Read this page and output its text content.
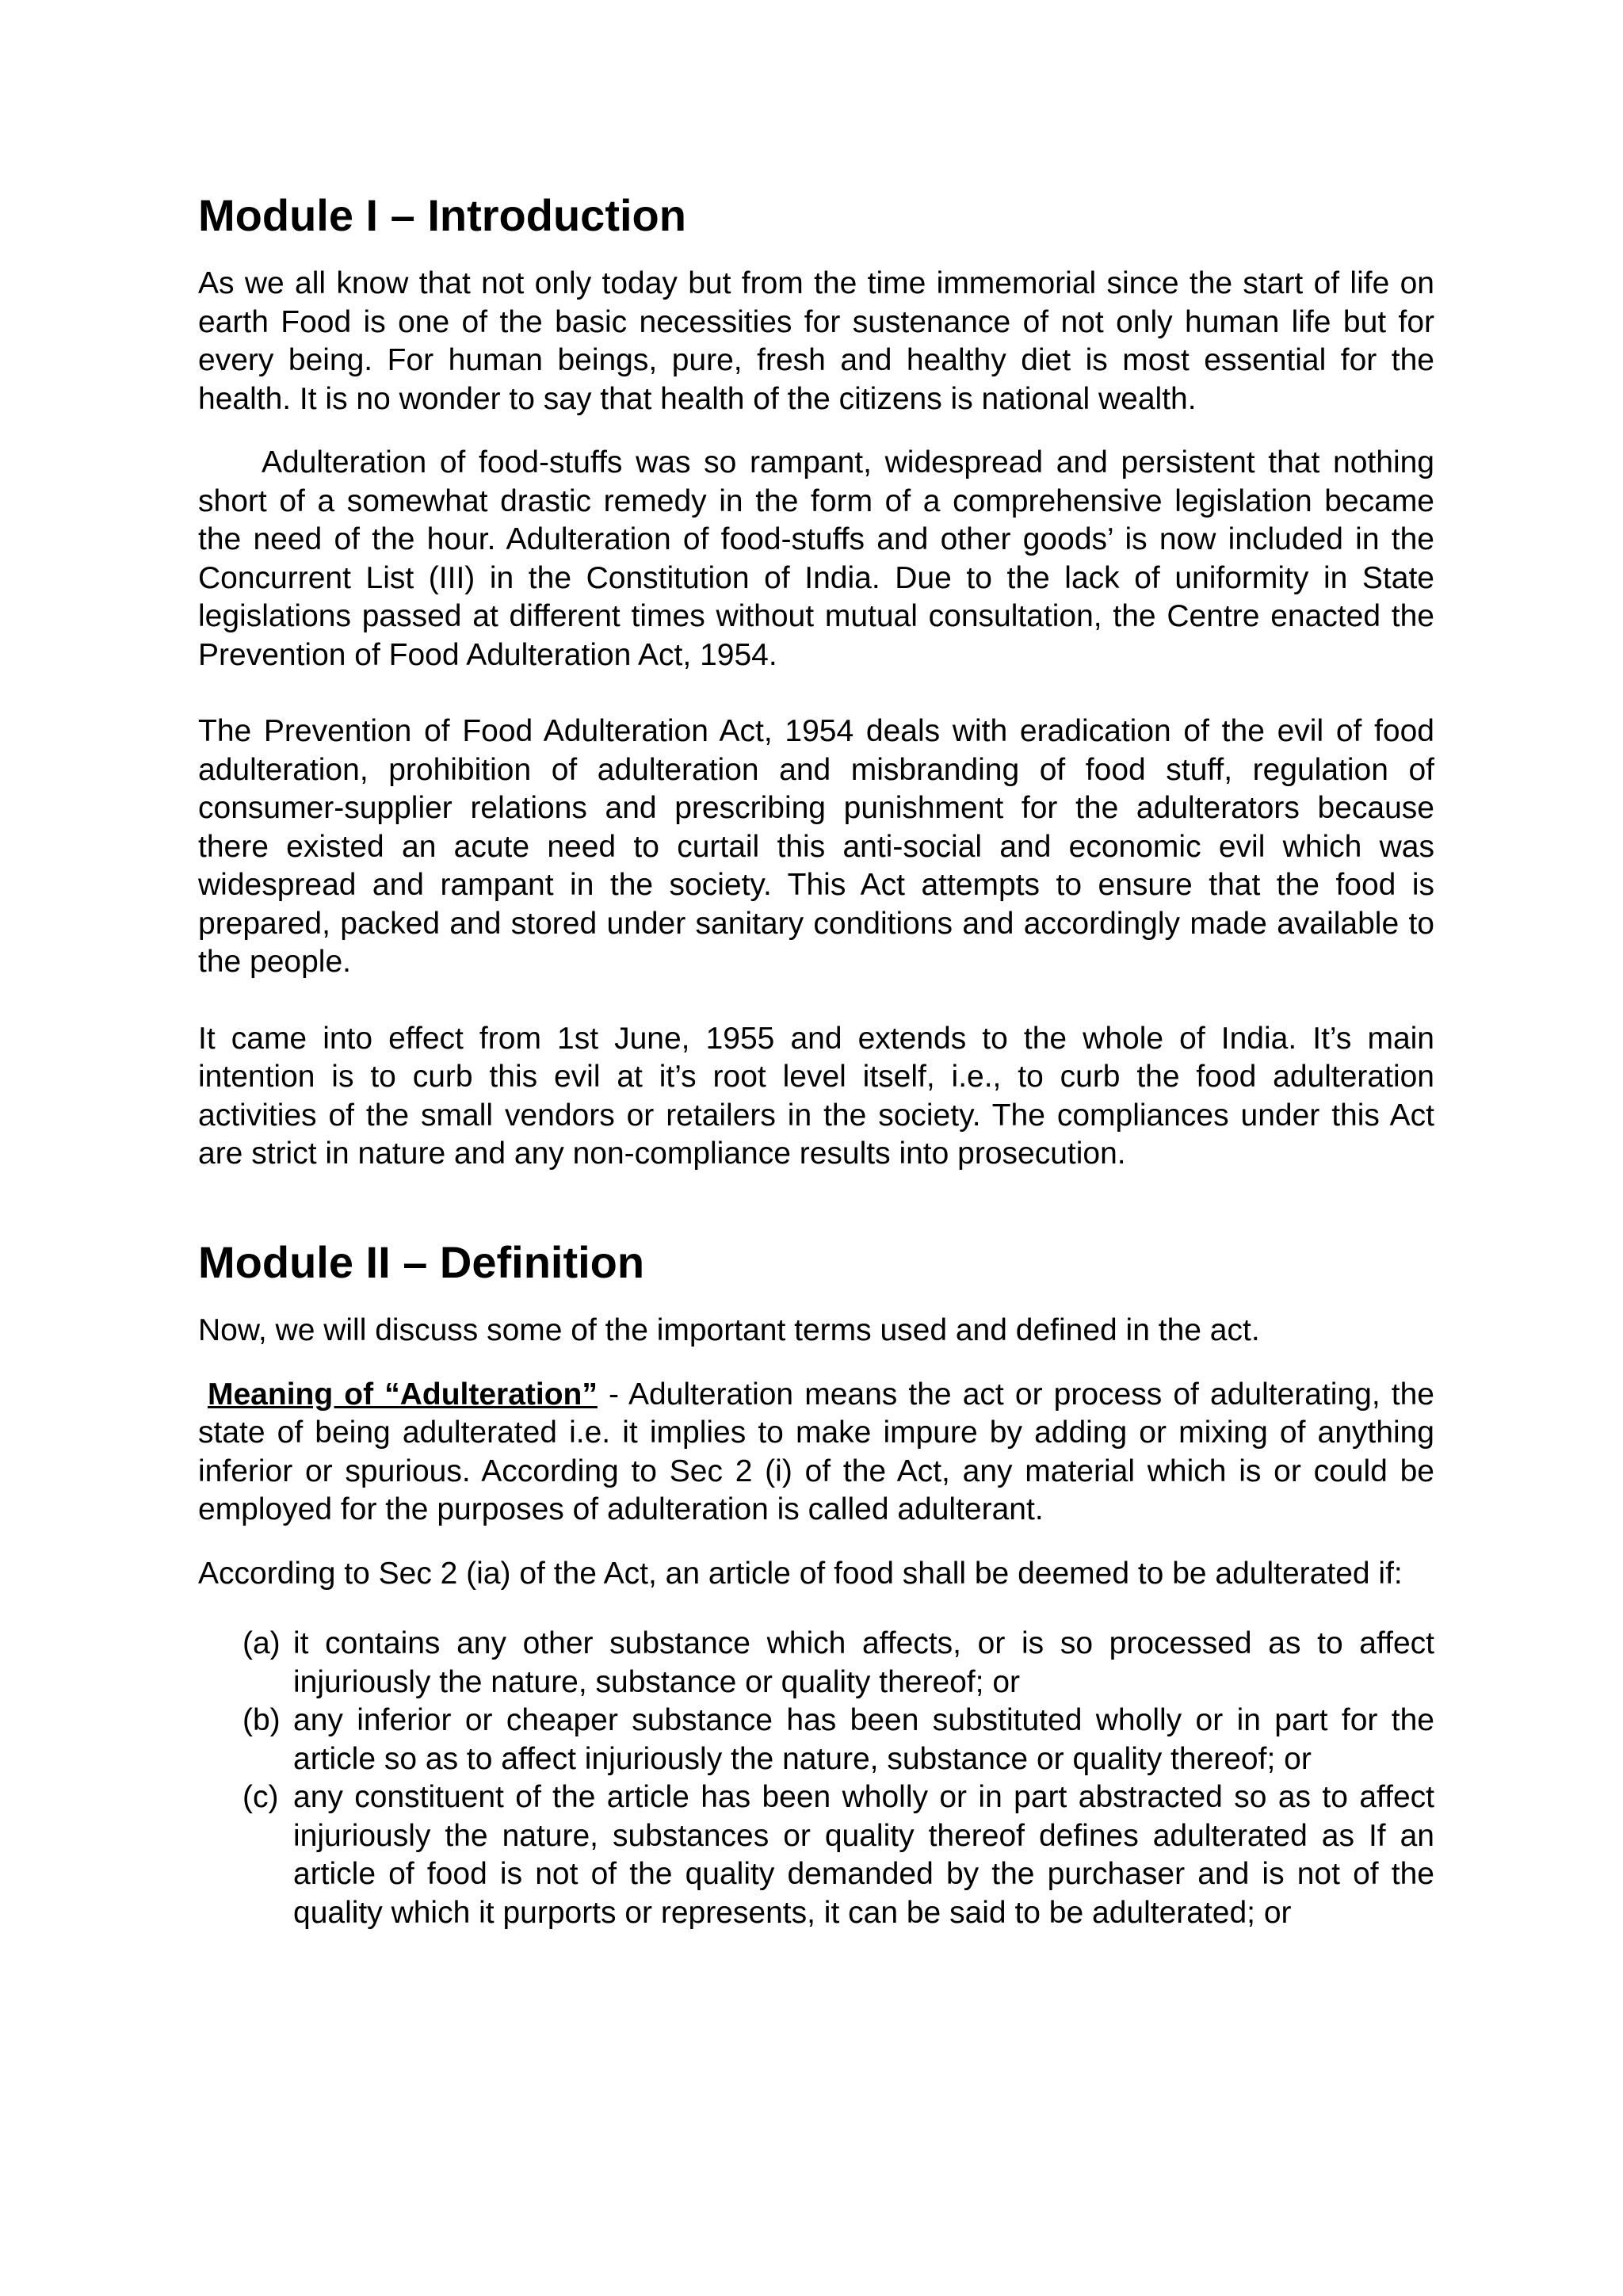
Module I – Introduction

As we all know that not only today but from the time immemorial since the start of life on earth Food is one of the basic necessities for sustenance of not only human life but for every being. For human beings, pure, fresh and healthy diet is most essential for the health. It is no wonder to say that health of the citizens is national wealth.

Adulteration of food-stuffs was so rampant, widespread and persistent that nothing short of a somewhat drastic remedy in the form of a comprehensive legislation became the need of the hour. Adulteration of food-stuffs and other goods’ is now included in the Concurrent List (III) in the Constitution of India. Due to the lack of uniformity in State legislations passed at different times without mutual consultation, the Centre enacted the Prevention of Food Adulteration Act, 1954.

The Prevention of Food Adulteration Act, 1954 deals with eradication of the evil of food adulteration, prohibition of adulteration and misbranding of food stuff, regulation of consumer-supplier relations and prescribing punishment for the adulterators because there existed an acute need to curtail this anti-social and economic evil which was widespread and rampant in the society. This Act attempts to ensure that the food is prepared, packed and stored under sanitary conditions and accordingly made available to the people.

It came into effect from 1st June, 1955 and extends to the whole of India. It’s main intention is to curb this evil at it’s root level itself, i.e., to curb the food adulteration activities of the small vendors or retailers in the society. The compliances under this Act are strict in nature and any non-compliance results into prosecution.

Module II – Definition

Now, we will discuss some of the important terms used and defined in the act.

Meaning of “Adulteration” - Adulteration means the act or process of adulterating, the state of being adulterated i.e. it implies to make impure by adding or mixing of anything inferior or spurious. According to Sec 2 (i) of the Act, any material which is or could be employed for the purposes of adulteration is called adulterant.

According to Sec 2 (ia) of the Act, an article of food shall be deemed to be adulterated if:

(a) it contains any other substance which affects, or is so processed as to affect injuriously the nature, substance or quality thereof; or
(b) any inferior or cheaper substance has been substituted wholly or in part for the article so as to affect injuriously the nature, substance or quality thereof; or
(c) any constituent of the article has been wholly or in part abstracted so as to affect injuriously the nature, substances or quality thereof defines adulterated as If an article of food is not of the quality demanded by the purchaser and is not of the quality which it purports or represents, it can be said to be adulterated; or
